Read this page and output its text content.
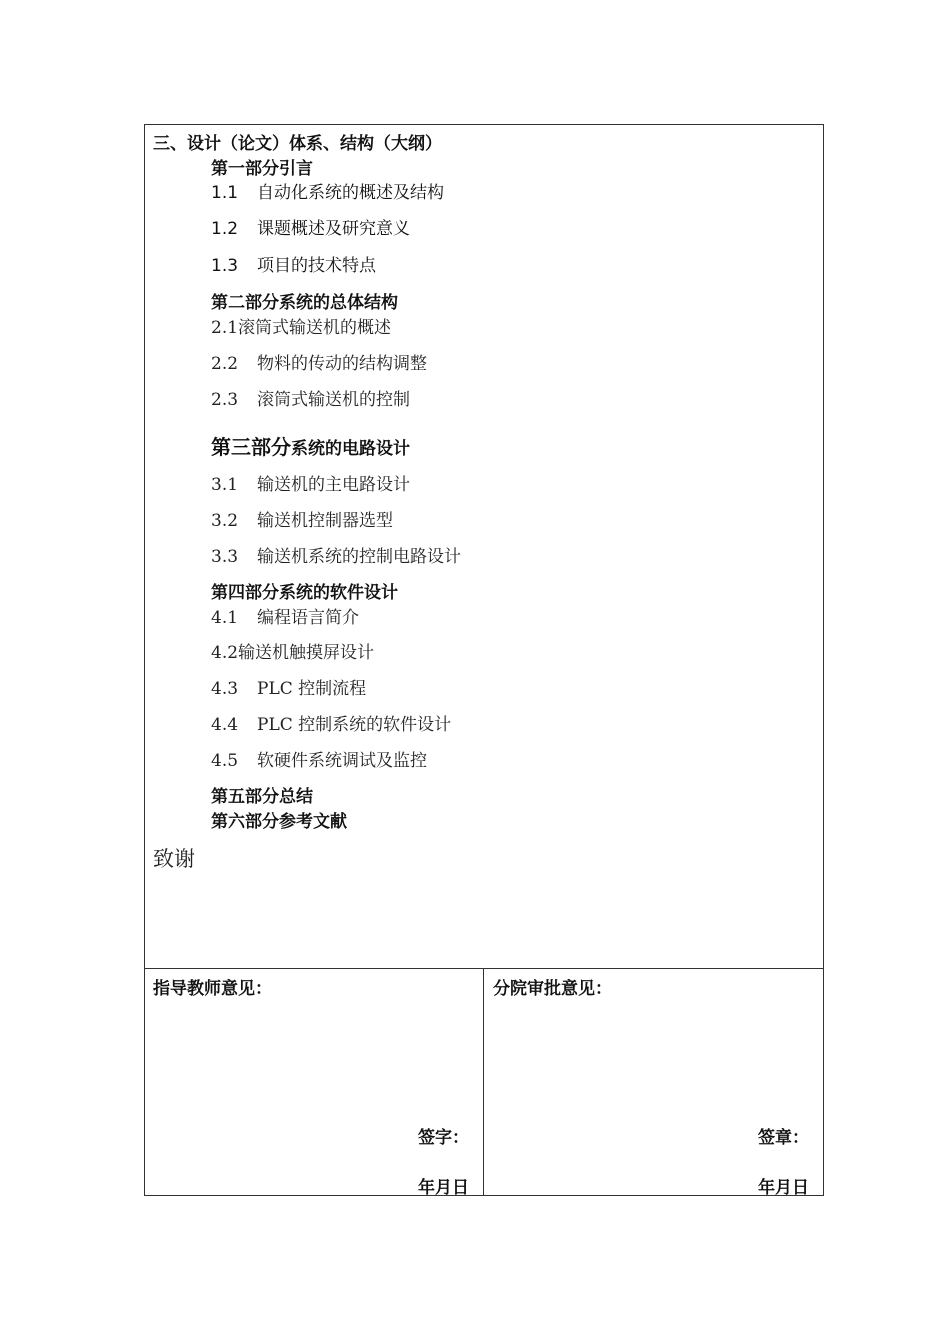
三、设计（论文）体系、结构（大纲）
第一部分引言
1.1 自动化系统的概述及结构
1.2 课题概述及研究意义
1.3 项目的技术特点
第二部分系统的总体结构
2.1滚筒式输送机的概述
2.2 物料的传动的结构调整
2.3 滚筒式输送机的控制
第三部分系统的电路设计
3.1 输送机的主电路设计
3.2 输送机控制器选型
3.3 输送机系统的控制电路设计
第四部分系统的软件设计
4.1 编程语言简介
4.2输送机触摸屏设计
4.3 PLC 控制流程
4.4 PLC 控制系统的软件设计
4.5 软硬件系统调试及监控
第五部分总结
第六部分参考文献
致谢
指导教师意见：
签字：
年月日
分院审批意见：
签章：
年月日
